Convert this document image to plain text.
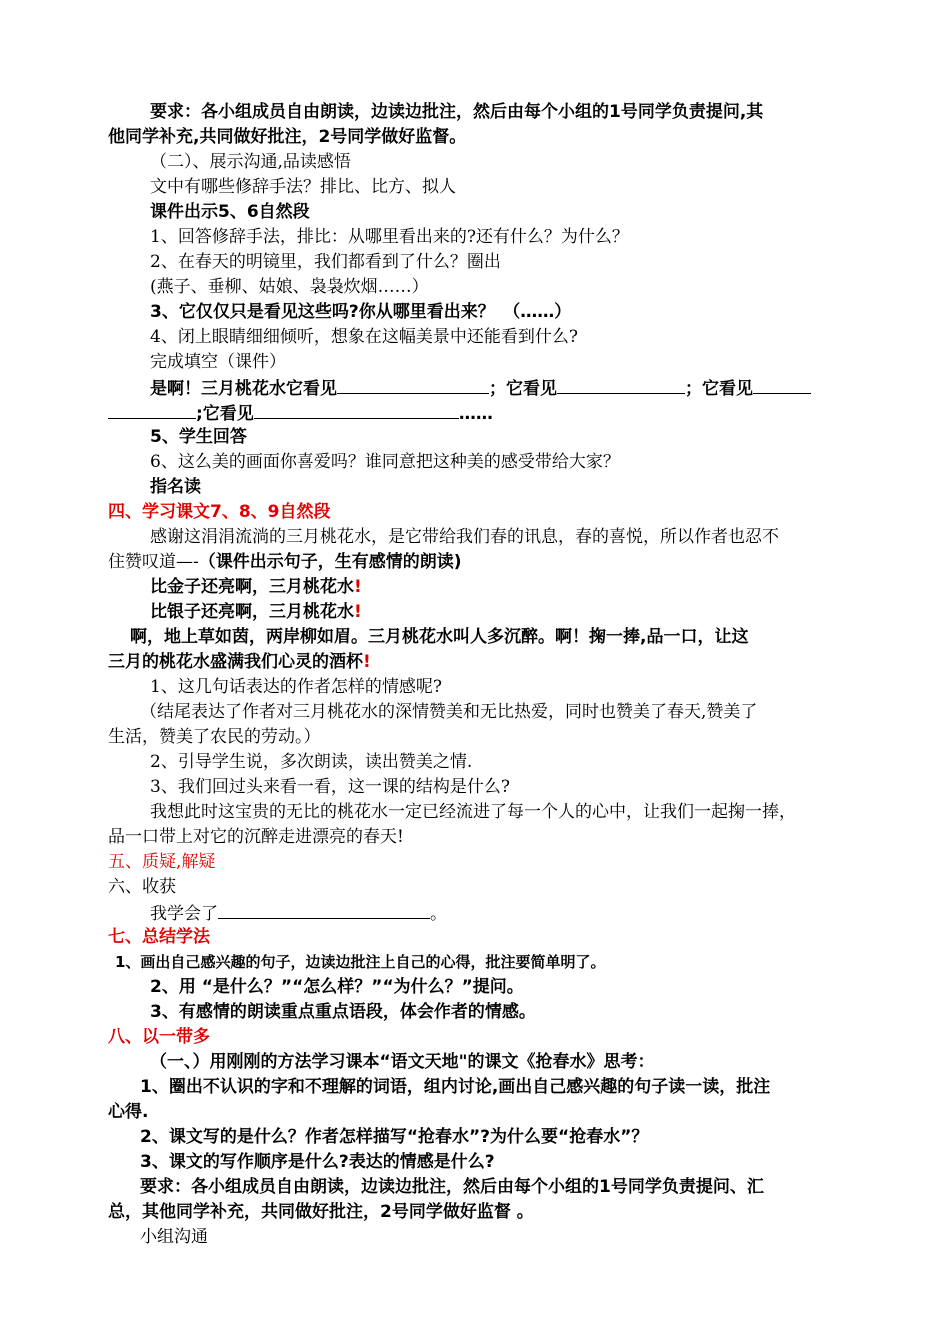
要求：各小组成员自由朗读，边读边批注，然后由每个小组的1号同学负责提问,其
他同学补充,共同做好批注，2号同学做好监督。
（二）、展示沟通,品读感悟
文中有哪些修辞手法？排比、比方、拟人
课件出示5、6自然段
1、回答修辞手法，排比：从哪里看出来的?还有什么？为什么？
2、在春天的明镜里，我们都看到了什么？圈出
(燕子、垂柳、姑娘、袅袅炊烟……）
3、它仅仅只是看见这些吗?你从哪里看出来？　（……）
4、闭上眼睛细细倾听，想象在这幅美景中还能看到什么?
完成填空（课件）
是啊！三月桃花水它看见	；它看见	；它看见
;它看见	……
5、学生回答
6、这么美的画面你喜爱吗？谁同意把这种美的感受带给大家？
指名读
四、学习课文7、8、9自然段
感谢这涓涓流淌的三月桃花水，是它带给我们春的讯息，春的喜悦，所以作者也忍不
住赞叹道—-（课件出示句子，生有感情的朗读)
比金子还亮啊，三月桃花水!
比银子还亮啊，三月桃花水!
啊，地上草如茵，两岸柳如眉。三月桃花水叫人多沉醉。啊！掬一捧,品一口，让这
三月的桃花水盛满我们心灵的酒杯!
1、这几句话表达的作者怎样的情感呢?
（结尾表达了作者对三月桃花水的深情赞美和无比热爱，同时也赞美了春天,赞美了
生活，赞美了农民的劳动。）
2、引导学生说，多次朗读，读出赞美之情.
3、我们回过头来看一看，这一课的结构是什么?
我想此时这宝贵的无比的桃花水一定已经流进了每一个人的心中，让我们一起掬一捧，
品一口带上对它的沉醉走进漂亮的春天!
五、质疑,解疑
六、收获
我学会了	。
七、总结学法
1、画出自己感兴趣的句子，边读边批注上自己的心得，批注要简单明了。
2、用 “是什么？”“怎么样？”“为什么？”提问。
3、有感情的朗读重点重点语段，体会作者的情感。
八、以一带多
（一、）用刚刚的方法学习课本“语文天地"的课文《抢春水》思考：
1、圈出不认识的字和不理解的词语，组内讨论,画出自己感兴趣的句子读一读，批注
心得.
2、课文写的是什么？作者怎样描写“抢春水”?为什么要“抢春水”？
3、课文的写作顺序是什么?表达的情感是什么?
要求：各小组成员自由朗读，边读边批注，然后由每个小组的1号同学负责提问、汇
总，其他同学补充，共同做好批注，2号同学做好监督 。
小组沟通
